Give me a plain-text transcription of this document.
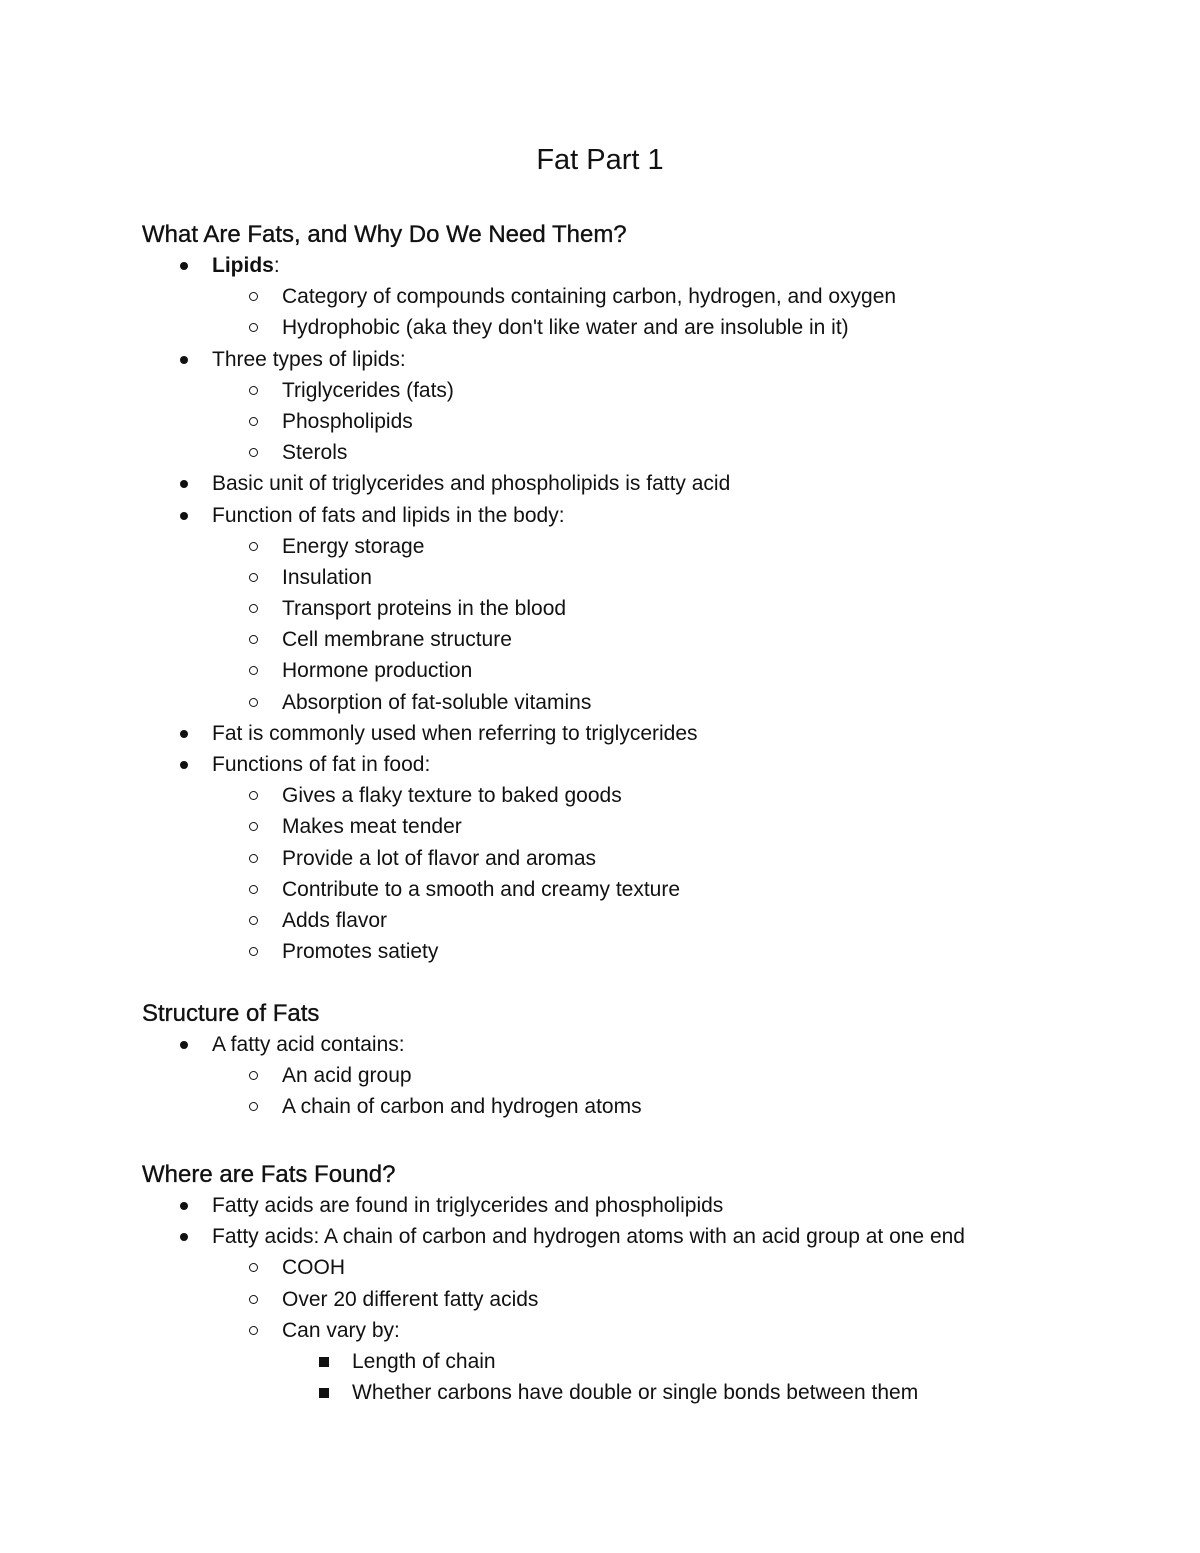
Fat Part 1
What Are Fats, and Why Do We Need Them?
Lipids:
Category of compounds containing carbon, hydrogen, and oxygen
Hydrophobic (aka they don't like water and are insoluble in it)
Three types of lipids:
Triglycerides (fats)
Phospholipids
Sterols
Basic unit of triglycerides and phospholipids is fatty acid
Function of fats and lipids in the body:
Energy storage
Insulation
Transport proteins in the blood
Cell membrane structure
Hormone production
Absorption of fat-soluble vitamins
Fat is commonly used when referring to triglycerides
Functions of fat in food:
Gives a flaky texture to baked goods
Makes meat tender
Provide a lot of flavor and aromas
Contribute to a smooth and creamy texture
Adds flavor
Promotes satiety
Structure of Fats
A fatty acid contains:
An acid group
A chain of carbon and hydrogen atoms
Where are Fats Found?
Fatty acids are found in triglycerides and phospholipids
Fatty acids: A chain of carbon and hydrogen atoms with an acid group at one end
COOH
Over 20 different fatty acids
Can vary by:
Length of chain
Whether carbons have double or single bonds between them
